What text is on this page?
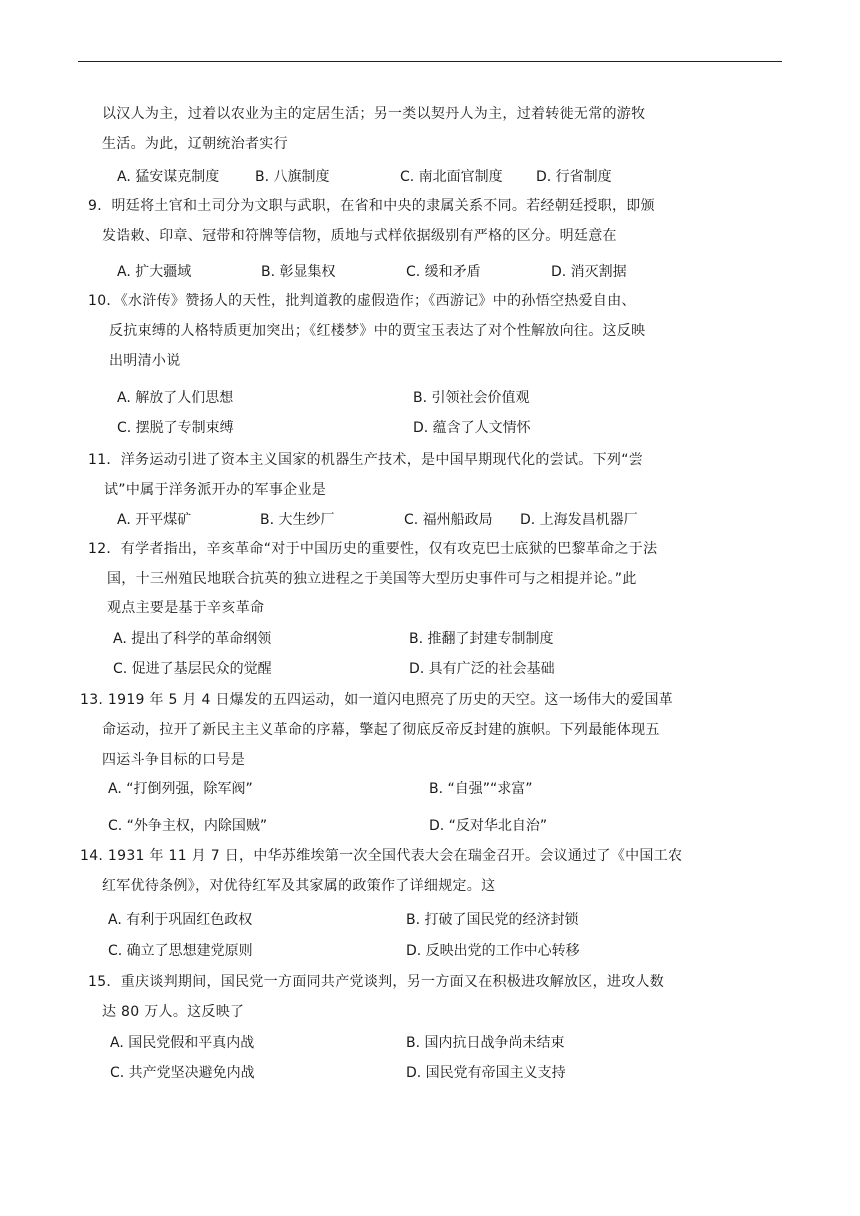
以汉人为主，过着以农业为主的定居生活；另一类以契丹人为主，过着转徙无常的游牧
生活。为此，辽朝统治者实行
A. 猛安谋克制度	B. 八旗制度	C. 南北面官制度 D. 行省制度
9．明廷将土官和土司分为文职与武职，在省和中央的隶属关系不同。若经朝廷授职，即颁
发诰敕、印章、冠带和符牌等信物，质地与式样依据级别有严格的区分。明廷意在
A. 扩大疆域	B. 彰显集权	C. 缓和矛盾	D. 消灭割据
10．《水浒传》赞扬人的天性，批判道教的虚假造作；《西游记》中的孙悟空热爱自由、
反抗束缚的人格特质更加突出；《红楼梦》中的贾宝玉表达了对个性解放向往。这反映
出明清小说
A. 解放了人们思想	B. 引领社会价值观
C. 摆脱了专制束缚	D. 蕴含了人文情怀
11．洋务运动引进了资本主义国家的机器生产技术，是中国早期现代化的尝试。下列“尝
试”中属于洋务派开办的军事企业是
A. 开平煤矿	B. 大生纱厂	C. 福州船政局 D. 上海发昌机器厂
12．有学者指出，辛亥革命“对于中国历史的重要性，仅有攻克巴士底狱的巴黎革命之于法
国，十三州殖民地联合抗英的独立进程之于美国等大型历史事件可与之相提并论。”此
观点主要是基于辛亥革命
A. 提出了科学的革命纲领	B. 推翻了封建专制制度
C. 促进了基层民众的觉醒	D. 具有广泛的社会基础
13. 1919 年 5 月 4 日爆发的五四运动，如一道闪电照亮了历史的天空。这一场伟大的爱国革
命运动，拉开了新民主主义革命的序幕，擎起了彻底反帝反封建的旗帜。下列最能体现五
四运斗争目标的口号是
A. “打倒列强，除军阀”	B. “自强”“求富”
C. “外争主权，内除国贼”	D. “反对华北自治”
14. 1931 年 11 月 7 日，中华苏维埃第一次全国代表大会在瑞金召开。会议通过了《中国工农
红军优待条例》，对优待红军及其家属的政策作了详细规定。这
A. 有利于巩固红色政权	B. 打破了国民党的经济封锁
C. 确立了思想建党原则	D. 反映出党的工作中心转移
15．重庆谈判期间，国民党一方面同共产党谈判，另一方面又在积极进攻解放区，进攻人数
达 80 万人。这反映了
A. 国民党假和平真内战	B. 国内抗日战争尚未结束
C. 共产党坚决避免内战	D. 国民党有帝国主义支持
